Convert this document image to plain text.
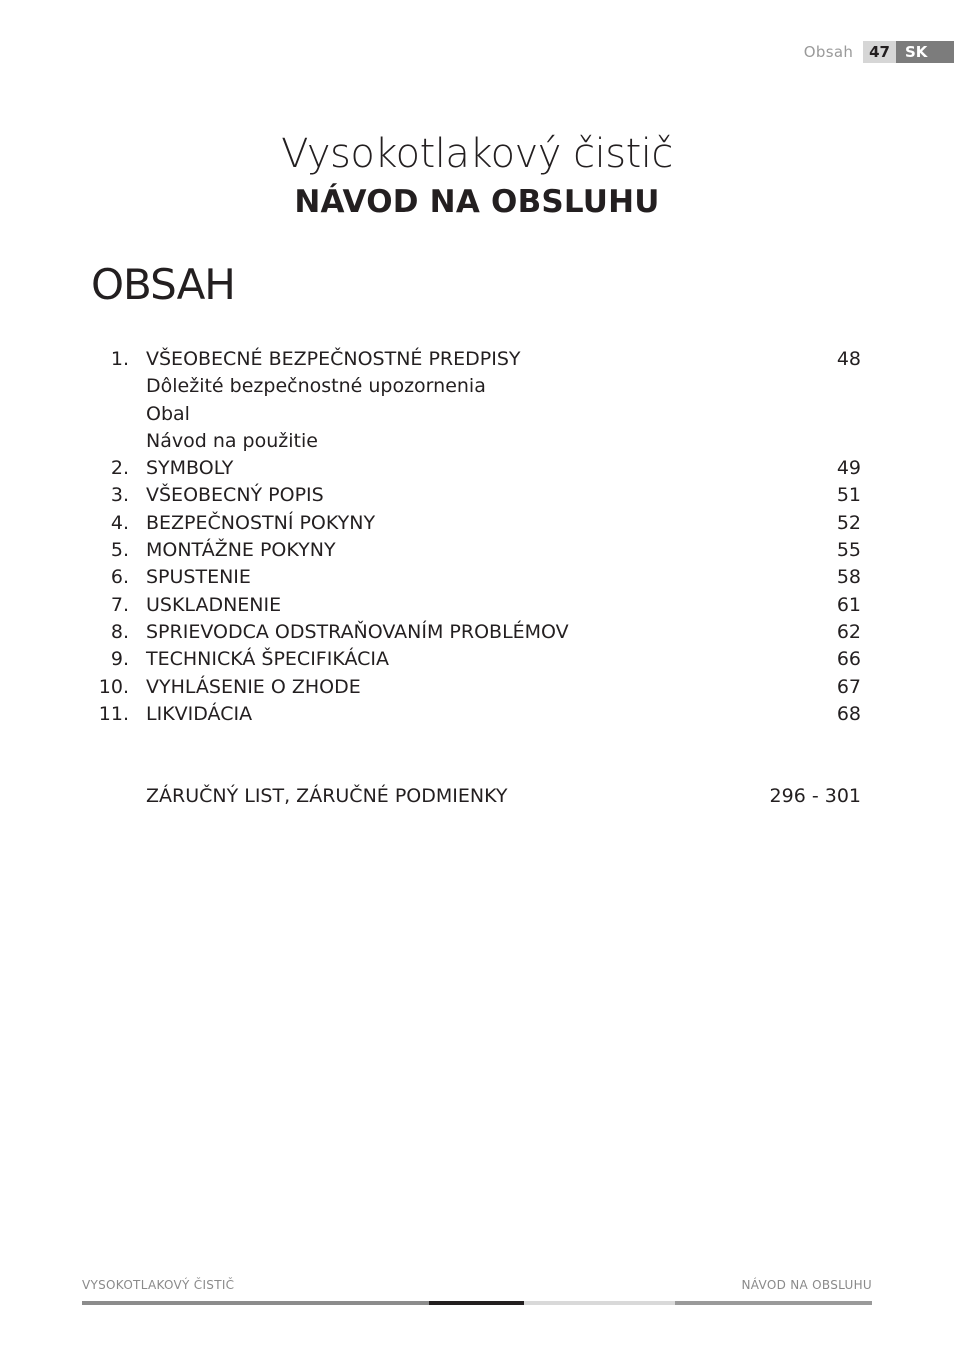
Obsah	47	SK
Vysokotlakový čistič
NÁVOD NA OBSLUHU
OBSAH
1. VŠEOBECNÉ BEZPEČNOSTNÉ PREDPISY	48
Dôležité bezpečnostné upozornenia
Obal
Návod na použitie
2. SYMBOLY	49
3. VŠEOBECNÝ POPIS	51
4. BEZPEČNOSTNÍ POKYNY	52
5. MONTÁŽNE POKYNY	55
6. SPUSTENIE	58
7. USKLADNENIE	61
8. SPRIEVODCA ODSTRAŇOVANÍM PROBLÉMOV	62
9. TECHNICKÁ ŠPECIFIKÁCIA	66
10. VYHLÁSENIE O ZHODE	67
11. LIKVIDÁCIA	68
ZÁRUČNÝ LIST, ZÁRUČNÉ PODMIENKY	296 - 301
VYSOKOTLAKOVÝ ČISTIČ	NÁVOD NA OBSLUHU
